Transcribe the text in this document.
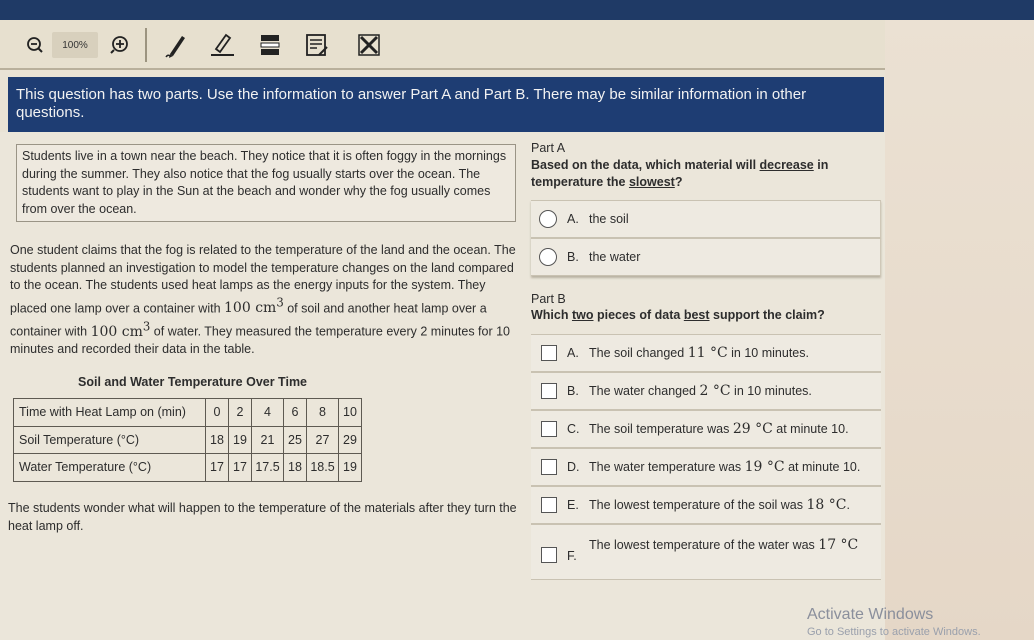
100%
This question has two parts. Use the information to answer Part A and Part B. There may be similar information in other questions.
Students live in a town near the beach. They notice that it is often foggy in the mornings during the summer. They also notice that the fog usually starts over the ocean. The students want to play in the Sun at the beach and wonder why the fog usually comes from over the ocean.
One student claims that the fog is related to the temperature of the land and the ocean. The students planned an investigation to model the temperature changes on the land compared to the ocean. The students used heat lamps as the energy inputs for the system. They placed one lamp over a container with 100 $cm^3$ of soil and another heat lamp over a container with 100 $cm^3$ of water. They measured the temperature every 2 minutes for 10 minutes and recorded their data in the table.
Soil and Water Temperature Over Time
Time with Heat Lamp on (min)	0	2	4	6	8	10
Soil Temperature (°C)	18	19	21	25	27	29
Water Temperature (°C)	17	17	17.5	18	18.5	19
The students wonder what will happen to the temperature of the materials after they turn the heat lamp off.
Part A
Based on the data, which material will decrease in temperature the slowest?
A. the soil
B. the water
Part B
Which two pieces of data best support the claim?
A. The soil changed 11 °C in 10 minutes.
B. The water changed 2 °C in 10 minutes.
C. The soil temperature was 29 °C at minute 10.
D. The water temperature was 19 °C at minute 10.
E. The lowest temperature of the soil was 18 °C.
F.
The lowest temperature of the water was 17 °C
Activate Windows
Go to Settings to activate Windows.
